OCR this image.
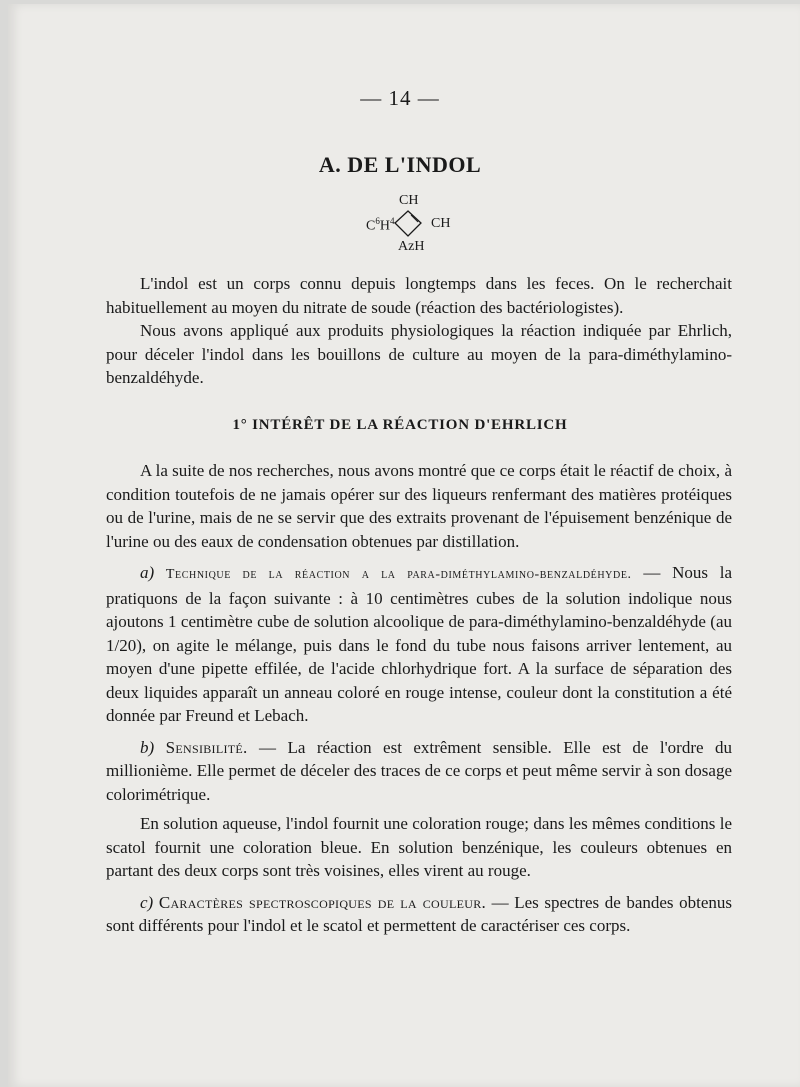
— 14 —
A. DE L'INDOL
CH
$C^6H^4$	CH
AzH

L'indol est un corps connu depuis longtemps dans les feces. On le recherchait habituellement au moyen du nitrate de soude (réaction des bactériologistes).

Nous avons appliqué aux produits physiologiques la réaction indiquée par Ehrlich, pour déceler l'indol dans les bouillons de culture au moyen de la para-diméthylamino-benzaldéhyde.

1° INTÉRÊT DE LA RÉACTION D'EHRLICH

A la suite de nos recherches, nous avons montré que ce corps était le réactif de choix, à condition toutefois de ne jamais opérer sur des liqueurs renfermant des matières protéiques ou de l'urine, mais de ne se servir que des extraits provenant de l'épuisement benzénique de l'urine ou des eaux de condensation obtenues par distillation.

a) Technique de la réaction a la para-diméthylamino-benzaldéhyde. — Nous la pratiquons de la façon suivante : à 10 centimètres cubes de la solution indolique nous ajoutons 1 centimètre cube de solution alcoolique de para-diméthylamino-benzaldéhyde (au 1/20), on agite le mélange, puis dans le fond du tube nous faisons arriver lentement, au moyen d'une pipette effilée, de l'acide chlorhydrique fort. A la surface de séparation des deux liquides apparaît un anneau coloré en rouge intense, couleur dont la constitution a été donnée par Freund et Lebach.

b) Sensibilité. — La réaction est extrêment sensible. Elle est de l'ordre du millionième. Elle permet de déceler des traces de ce corps et peut même servir à son dosage colorimétrique.

En solution aqueuse, l'indol fournit une coloration rouge; dans les mêmes conditions le scatol fournit une coloration bleue. En solution benzénique, les couleurs obtenues en partant des deux corps sont très voisines, elles virent au rouge.

c) Caractères spectroscopiques de la couleur. — Les spectres de bandes obtenus sont différents pour l'indol et le scatol et permettent de caractériser ces corps.
